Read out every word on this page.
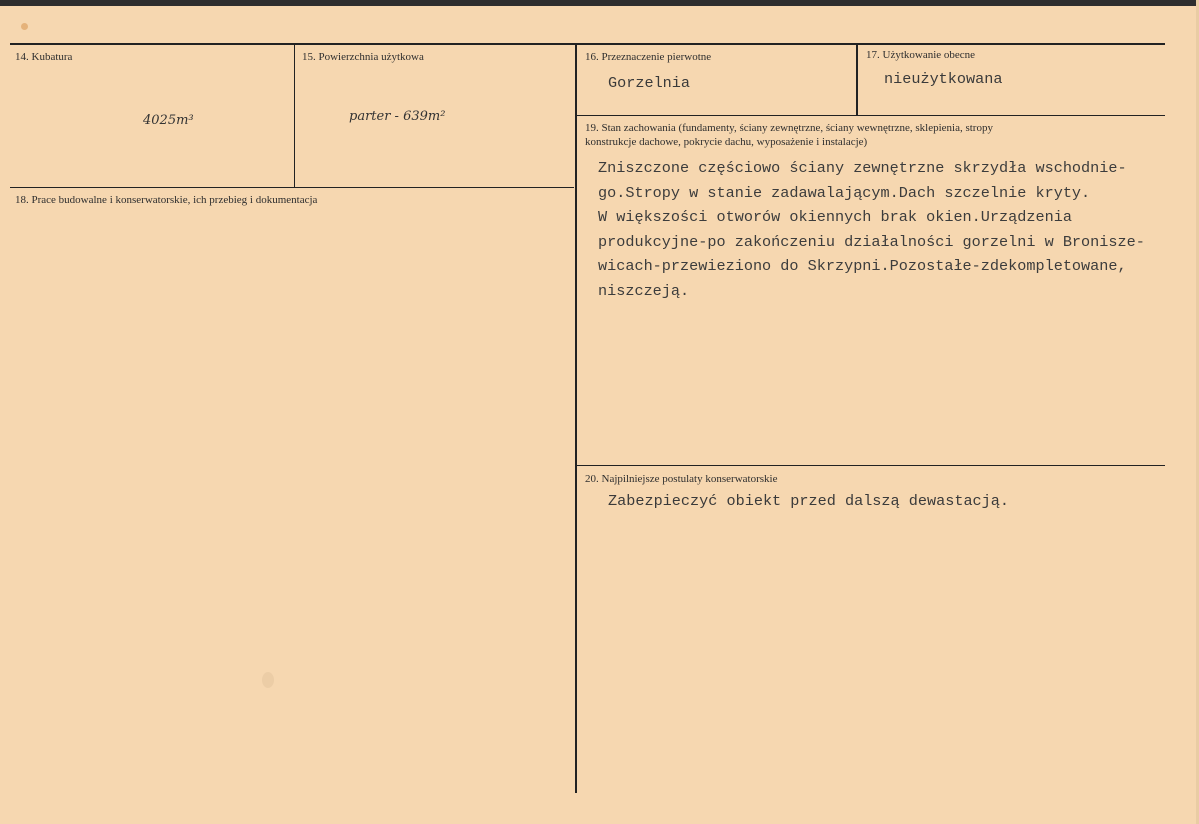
14. Kubatura
4025m³
15. Powierzchnia użytkowa
parter - 639m²
16. Przeznaczenie pierwotne
Gorzelnia
17. Użytkowanie obecne
nieużytkowana
18. Prace budowalne i konserwatorskie, ich przebieg i dokumentacja
19. Stan zachowania (fundamenty, ściany zewnętrzne, ściany wewnętrzne, sklepienia, stropy
konstrukcje dachowe, pokrycie dachu, wyposażenie i instalacje)
Zniszczone częściowo ściany zewnętrzne skrzydła wschodnie-
go.Stropy w stanie zadawalającym.Dach szczelnie kryty.
W większości otworów okiennych brak okien.Urządzenia
produkcyjne-po zakończeniu działalności gorzelni w Bronisze-
wicach-przewieziono do Skrzypni.Pozostałe-zdekompletowane,
niszczeją.
20. Najpilniejsze postulaty konserwatorskie
Zabezpieczyć obiekt przed dalszą dewastacją.
